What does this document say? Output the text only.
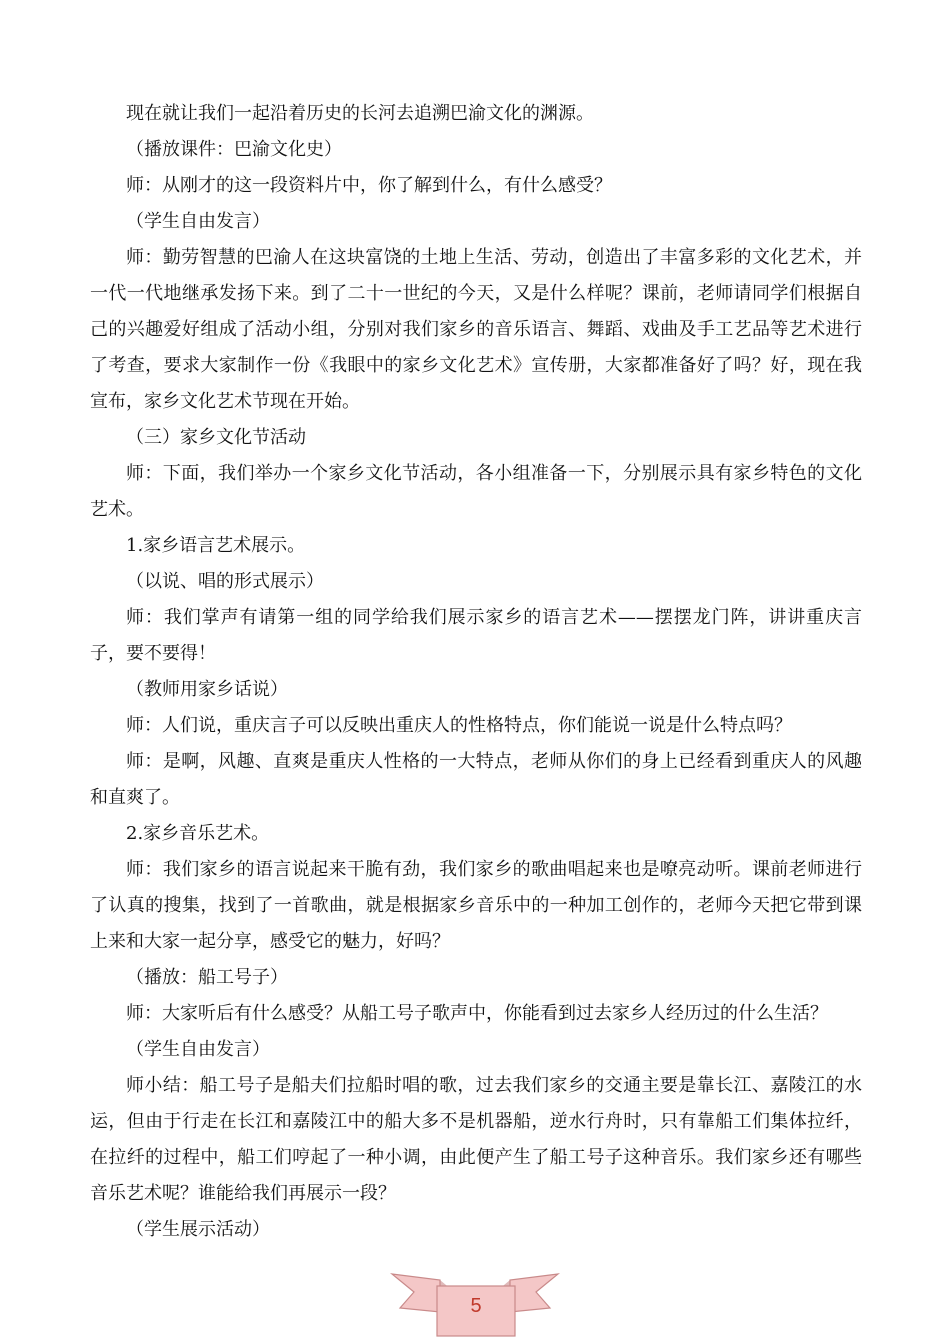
现在就让我们一起沿着历史的长河去追溯巴渝文化的渊源。

（播放课件：巴渝文化史）

师：从刚才的这一段资料片中，你了解到什么，有什么感受？

（学生自由发言）

师：勤劳智慧的巴渝人在这块富饶的土地上生活、劳动，创造出了丰富多彩的文化艺术，并一代一代地继承发扬下来。到了二十一世纪的今天，又是什么样呢？课前，老师请同学们根据自己的兴趣爱好组成了活动小组，分别对我们家乡的音乐语言、舞蹈、戏曲及手工艺品等艺术进行了考查，要求大家制作一份《我眼中的家乡文化艺术》宣传册，大家都准备好了吗？好，现在我宣布，家乡文化艺术节现在开始。

（三）家乡文化节活动

师：下面，我们举办一个家乡文化节活动，各小组准备一下，分别展示具有家乡特色的文化艺术。

1.家乡语言艺术展示。

（以说、唱的形式展示）

师：我们掌声有请第一组的同学给我们展示家乡的语言艺术——摆摆龙门阵，讲讲重庆言子，要不要得！

（教师用家乡话说）

师：人们说，重庆言子可以反映出重庆人的性格特点，你们能说一说是什么特点吗？

师：是啊，风趣、直爽是重庆人性格的一大特点，老师从你们的身上已经看到重庆人的风趣和直爽了。

2.家乡音乐艺术。

师：我们家乡的语言说起来干脆有劲，我们家乡的歌曲唱起来也是嘹亮动听。课前老师进行了认真的搜集，找到了一首歌曲，就是根据家乡音乐中的一种加工创作的，老师今天把它带到课上来和大家一起分享，感受它的魅力，好吗？

（播放：船工号子）

师：大家听后有什么感受？从船工号子歌声中，你能看到过去家乡人经历过的什么生活？

（学生自由发言）

师小结：船工号子是船夫们拉船时唱的歌，过去我们家乡的交通主要是靠长江、嘉陵江的水运，但由于行走在长江和嘉陵江中的船大多不是机器船，逆水行舟时，只有靠船工们集体拉纤，在拉纤的过程中，船工们哼起了一种小调，由此便产生了船工号子这种音乐。我们家乡还有哪些音乐艺术呢？谁能给我们再展示一段？

（学生展示活动）

5
